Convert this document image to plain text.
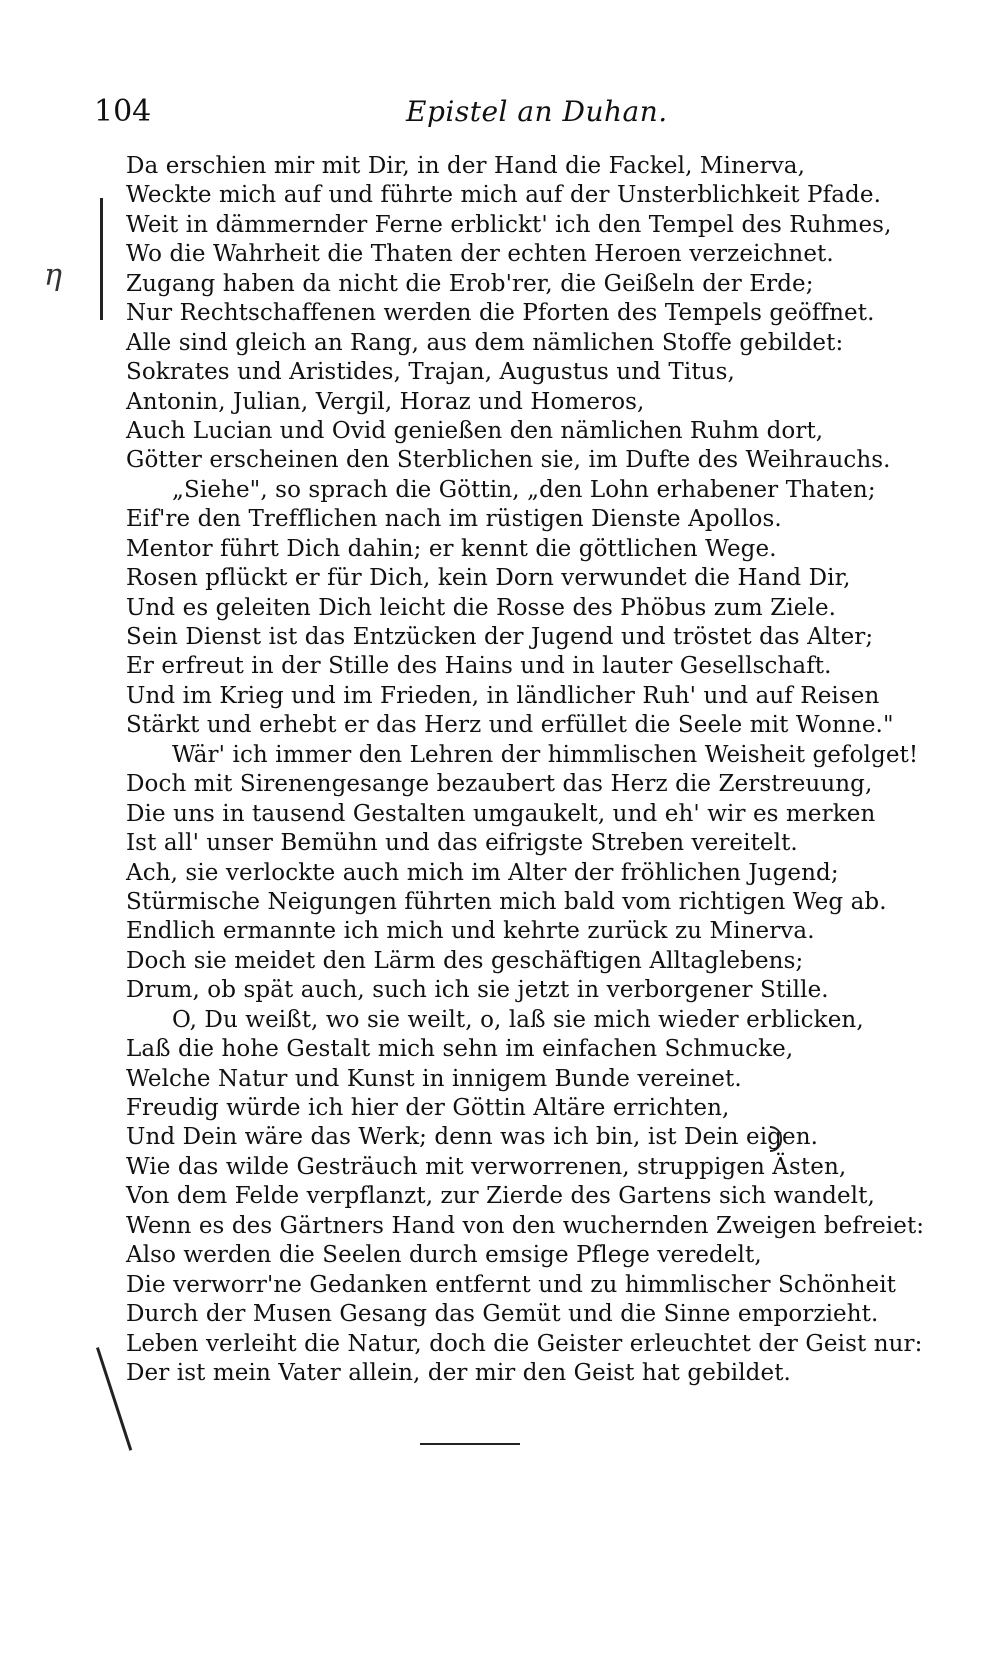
104	Epistel an Duhan.
Da erschien mir mit Dir, in der Hand die Fackel, Minerva,
Weckte mich auf und führte mich auf der Unsterblichkeit Pfade.
Weit in dämmernder Ferne erblickt' ich den Tempel des Ruhmes,
Wo die Wahrheit die Thaten der echten Heroen verzeichnet.
Zugang haben da nicht die Erob'rer, die Geißeln der Erde;
Nur Rechtschaffenen werden die Pforten des Tempels geöffnet.
Alle sind gleich an Rang, aus dem nämlichen Stoffe gebildet:
Sokrates und Aristides, Trajan, Augustus und Titus,
Antonin, Julian, Vergil, Horaz und Homeros,
Auch Lucian und Ovid genießen den nämlichen Ruhm dort,
Götter erscheinen den Sterblichen sie, im Dufte des Weihrauchs.
„Siehe", so sprach die Göttin, „den Lohn erhabener Thaten;
Eif're den Trefflichen nach im rüstigen Dienste Apollos.
Mentor führt Dich dahin; er kennt die göttlichen Wege.
Rosen pflückt er für Dich, kein Dorn verwundet die Hand Dir,
Und es geleiten Dich leicht die Rosse des Phöbus zum Ziele.
Sein Dienst ist das Entzücken der Jugend und tröstet das Alter;
Er erfreut in der Stille des Hains und in lauter Gesellschaft.
Und im Krieg und im Frieden, in ländlicher Ruh' und auf Reisen
Stärkt und erhebt er das Herz und erfüllet die Seele mit Wonne."
Wär' ich immer den Lehren der himmlischen Weisheit gefolget!
Doch mit Sirenengesange bezaubert das Herz die Zerstreuung,
Die uns in tausend Gestalten umgaukelt, und eh' wir es merken
Ist all' unser Bemühn und das eifrigste Streben vereitelt.
Ach, sie verlockte auch mich im Alter der fröhlichen Jugend;
Stürmische Neigungen führten mich bald vom richtigen Weg ab.
Endlich ermannte ich mich und kehrte zurück zu Minerva.
Doch sie meidet den Lärm des geschäftigen Alltaglebens;
Drum, ob spät auch, such ich sie jetzt in verborgener Stille.
O, Du weißt, wo sie weilt, o, laß sie mich wieder erblicken,
Laß die hohe Gestalt mich sehn im einfachen Schmucke,
Welche Natur und Kunst in innigem Bunde vereinet.
Freudig würde ich hier der Göttin Altäre errichten,
Und Dein wäre das Werk; denn was ich bin, ist Dein eigen.
Wie das wilde Gesträuch mit verworrenen, struppigen Ästen,
Von dem Felde verpflanzt, zur Zierde des Gartens sich wandelt,
Wenn es des Gärtners Hand von den wuchernden Zweigen befreiet:
Also werden die Seelen durch emsige Pflege veredelt,
Die verworr'ne Gedanken entfernt und zu himmlischer Schönheit
Durch der Musen Gesang das Gemüt und die Sinne emporzieht.
Leben verleiht die Natur, doch die Geister erleuchtet der Geist nur:
Der ist mein Vater allein, der mir den Geist hat gebildet.
η
